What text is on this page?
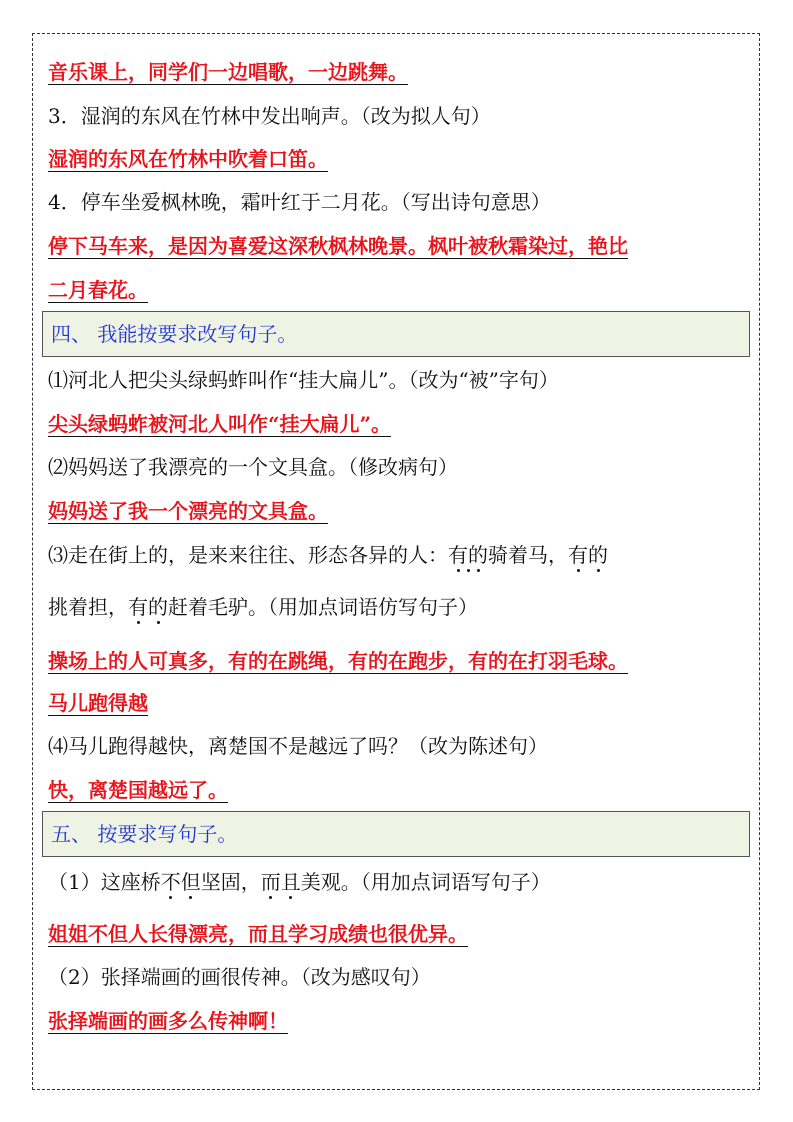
音乐课上，同学们一边唱歌，一边跳舞。
3．湿润的东风在竹林中发出响声。（改为拟人句）
湿润的东风在竹林中吹着口笛。
4．停车坐爱枫林晚，霜叶红于二月花。（写出诗句意思）
停下马车来，是因为喜爱这深秋枫林晚景。枫叶被秋霜染过，艳比
二月春花。
四、 我能按要求改写句子。
⑴河北人把尖头绿蚂蚱叫作“挂大扁儿”。（改为“被”字句）
尖头绿蚂蚱被河北人叫作“挂大扁儿”。
⑵妈妈送了我漂亮的一个文具盒。（修改病句）
妈妈送了我一个漂亮的文具盒。
⑶走在街上的，是来来往往、形态各异的人：有的骑着马，有的
挑着担，有的赶着毛驴。（用加点词语仿写句子）
操场上的人可真多，有的在跳绳，有的在跑步，有的在打羽毛球。
马儿跑得越
⑷马儿跑得越快，离楚国不是越远了吗？（改为陈述句）
快，离楚国越远了。
五、 按要求写句子。
（1）这座桥不但坚固，而且美观。（用加点词语写句子）
姐姐不但人长得漂亮，而且学习成绩也很优异。
（2）张择端画的画很传神。（改为感叹句）
张择端画的画多么传神啊！
